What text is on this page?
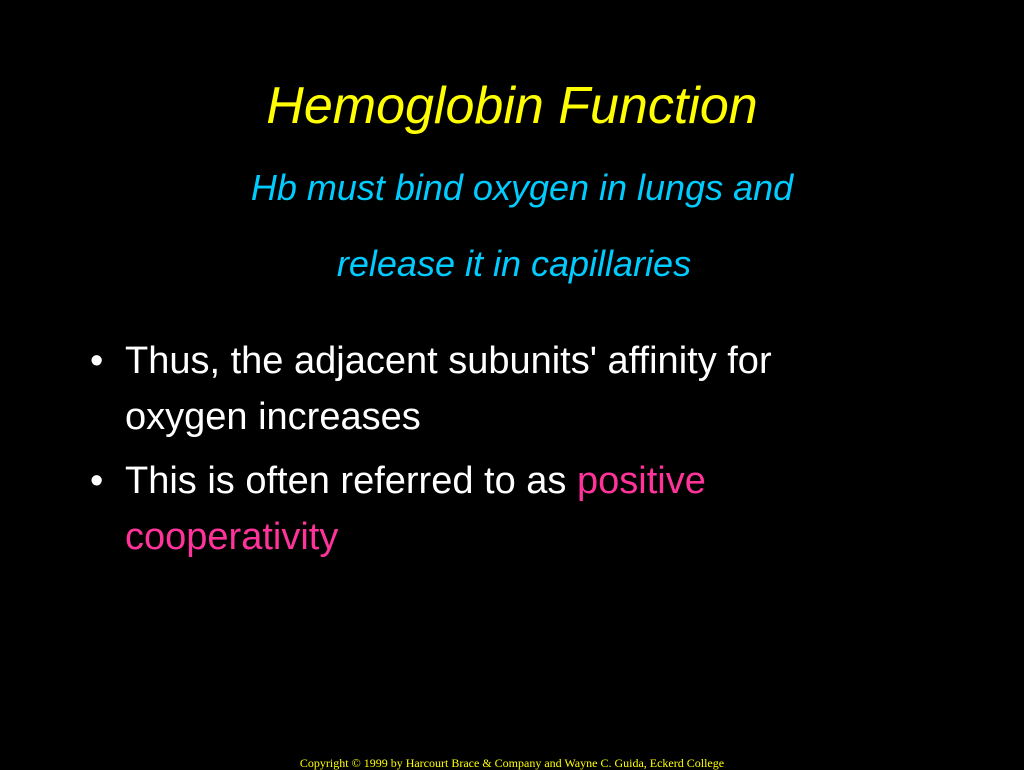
Hemoglobin Function
Hb must bind oxygen in lungs and
release it in capillaries
• Thus, the adjacent subunits' affinity for
oxygen increases
• This is often referred to as positive
cooperativity
Copyright © 1999 by Harcourt Brace & Company and Wayne C. Guida, Eckerd College
